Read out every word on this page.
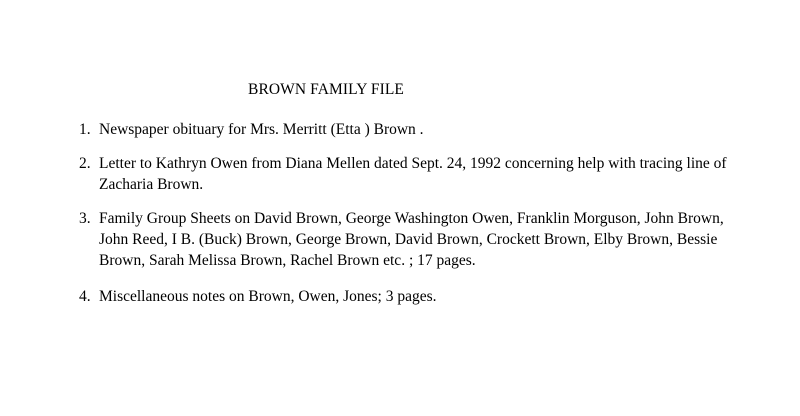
BROWN FAMILY FILE
1. Newspaper obituary for Mrs. Merritt (Etta ) Brown .
2. Letter to Kathryn Owen from Diana Mellen dated Sept. 24, 1992 concerning help with tracing line of
Zacharia Brown.
3. Family Group Sheets on David Brown, George Washington Owen, Franklin Morguson, John Brown,
John Reed, I B. (Buck) Brown, George Brown, David Brown, Crockett Brown, Elby Brown, Bessie
Brown, Sarah Melissa Brown, Rachel Brown etc. ; 17 pages.
4. Miscellaneous notes on Brown, Owen, Jones; 3 pages.
